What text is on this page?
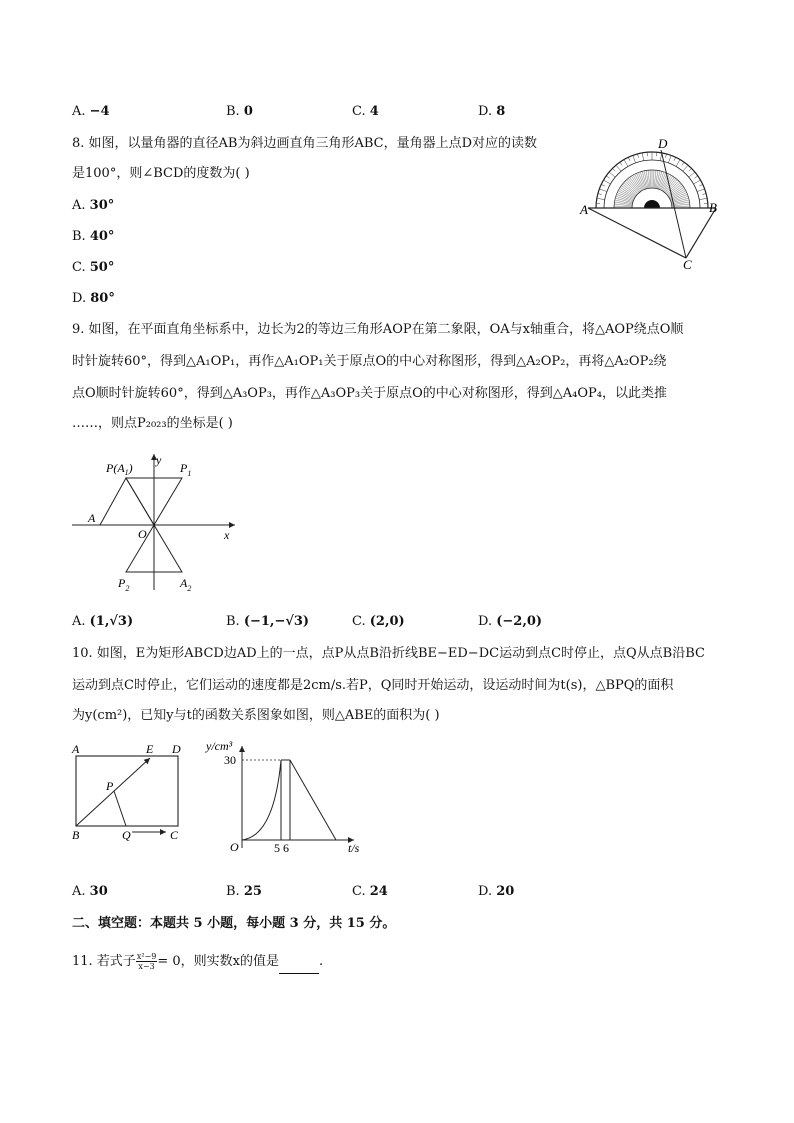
A. −4	B. 0	C. 4	D. 8
8. 如图，以量角器的直径AB为斜边画直角三角形ABC，量角器上点D对应的读数
是100°，则∠BCD的度数为( )
A. 30°
B. 40°
C. 50°
D. 80°
D
A	B
C
9. 如图，在平面直角坐标系中，边长为2的等边三角形AOP在第二象限，OA与x轴重合，将△AOP绕点O顺
时针旋转60°，得到△A₁OP₁，再作△A₁OP₁关于原点O的中心对称图形，得到△A₂OP₂，再将△A₂OP₂绕
点O顺时针旋转60°，得到△A₃OP₃，再作△A₃OP₃关于原点O的中心对称图形，得到△A₄OP₄，以此类推
……，则点P₂₀₂₃的坐标是( )
y
x
O
A
$P(A_1)$	$P_1$
$P_2$	$A_2$
A. (1,√3)	B. (−1,−√3)	C. (2,0)	D. (−2,0)
10. 如图，E为矩形ABCD边AD上的一点，点P从点B沿折线BE−ED−DC运动到点C时停止，点Q从点B沿BC
运动到点C时停止，它们运动的速度都是2cm/s.若P，Q同时开始运动，设运动时间为t(s)，△BPQ的面积
为y(cm²)，已知y与t的函数关系图象如图，则△ABE的面积为( )
A	D
E
P
B	Q	C
y/cm³
30
O	5 6	t/s
A. 30	B. 25	C. 24	D. 20
二、填空题：本题共 5 小题，每小题 3 分，共 15 分。
11. 若式子 $\frac{\text{x²−9}}{x-3} = 0$，则实数x的值是	.
